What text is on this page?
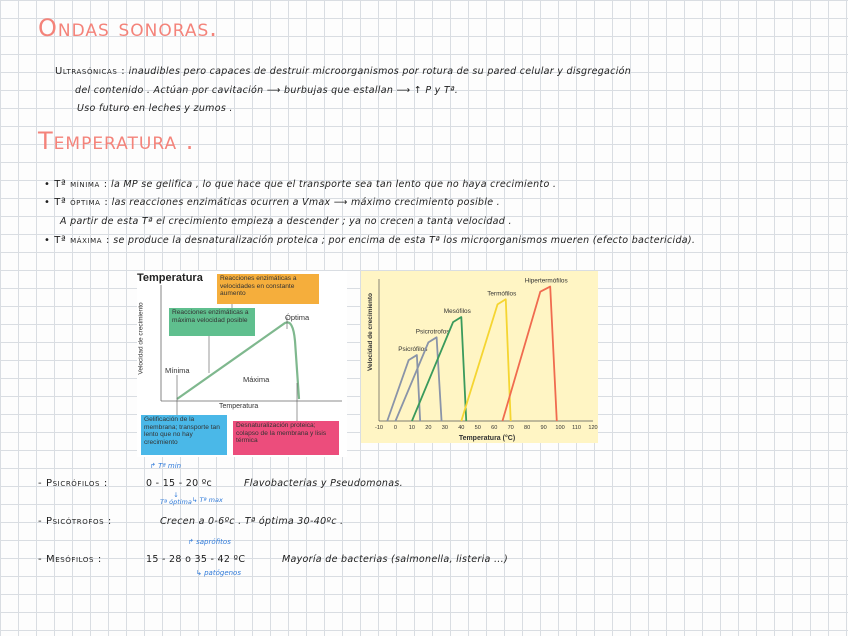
Ondas sonoras.
Ultrasónicas : inaudibles pero capaces de destruir microorganismos por rotura de su pared celular y disgregación
del contenido . Actúan por cavitación ⟶ burbujas que estallan ⟶ ↑ P y Tª.
Uso futuro en leches y zumos .
Temperatura .
• Tª mínima : la MP se gelifica , lo que hace que el transporte sea tan lento que no haya crecimiento .
• Tª óptima : las reacciones enzimáticas ocurren a Vmax ⟶ máximo crecimiento posible .
A partir de esta Tª el crecimiento empieza a descender ; ya no crecen a tanta velocidad .
• Tª máxima : se produce la desnaturalización proteica ; por encima de esta Tª los microorganismos mueren (efecto bactericida).
Temperatura	Reacciones enzimáticas a velocidades en constante aumento
Reacciones enzimáticas a máxima velocidad posible	Óptima
Mínima
Máxima
Velocidad de crecimiento
Temperatura
Gelificación de la membrana; transporte tan lento que no hay crecimiento
Desnaturalización proteica; colapso de la membrana y lisis térmica
-10 0 10 20 30 40 50 60 70 80 90 100 110 120
Psicrófilos
Psicrotrofos
Mesófilos
Termófilos
Hipertermófilos
Velocidad de crecimiento
Temperatura (°C)
- Psicrófilos :	0 - 15 - 20 ºc	Flavobacterias y Pseudomonas.
↱ Tª min
↓
Tª óptima ↳ Tª max
- Psicótrofos :	Crecen a 0-6ºc . Tª óptima 30-40ºc .
- Mesófilos :	15 - 28 o 35 - 42 ºC	Mayoría de bacterias (salmonella, listeria ...)
↱ saprófitos
↳ patógenos
